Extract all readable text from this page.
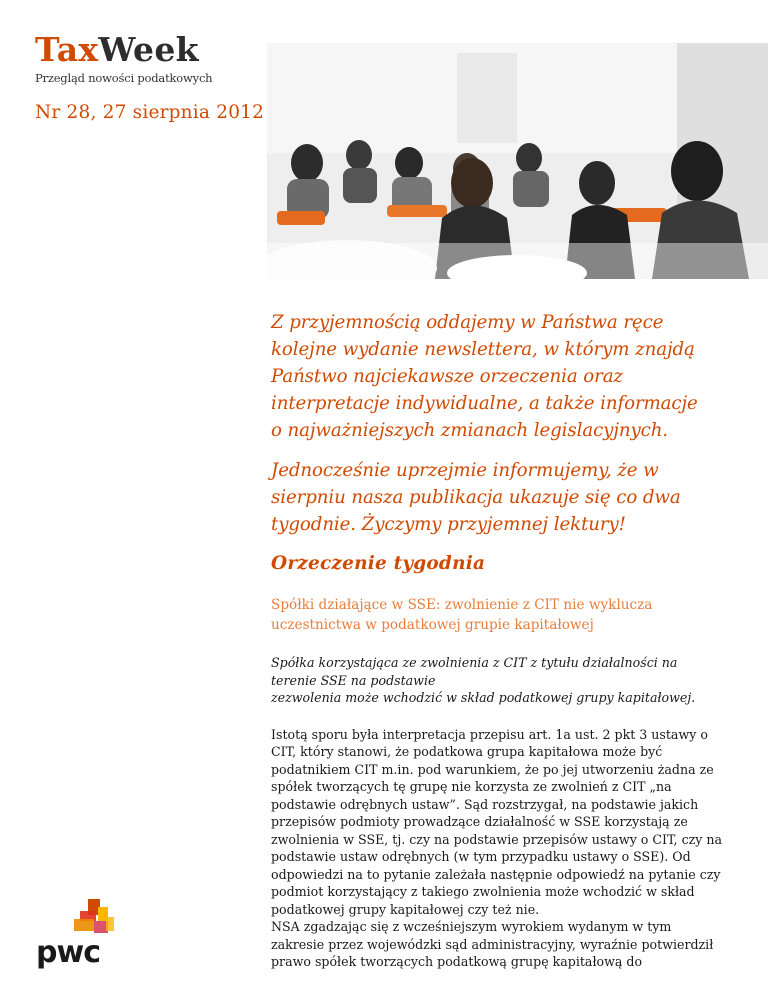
TaxWeek
Przegląd nowości podatkowych
Nr 28, 27 sierpnia 2012

Z przyjemnością oddajemy w Państwa ręce
kolejne wydanie newslettera, w którym znajdą
Państwo najciekawsze orzeczenia oraz
interpretacje indywidualne, a także informacje
o najważniejszych zmianach legislacyjnych.

Jednocześnie uprzejmie informujemy, że w
sierpniu nasza publikacja ukazuje się co dwa
tygodnie. Życzymy przyjemnej lektury!

Orzeczenie tygodnia
Spółki działające w SSE: zwolnienie z CIT nie wyklucza
uczestnictwa w podatkowej grupie kapitałowej
Spółka korzystająca ze zwolnienia z CIT z tytułu działalności na
terenie SSE na podstawie
zezwolenia może wchodzić w skład podatkowej grupy kapitałowej.
Istotą sporu była interpretacja przepisu art. 1a ust. 2 pkt 3 ustawy o
CIT, który stanowi, że podatkowa grupa kapitałowa może być
podatnikiem CIT m.in. pod warunkiem, że po jej utworzeniu żadna ze
spółek tworzących tę grupę nie korzysta ze zwolnień z CIT „na
podstawie odrębnych ustaw”. Sąd rozstrzygał, na podstawie jakich
przepisów podmioty prowadzące działalność w SSE korzystają ze
zwolnienia w SSE, tj. czy na podstawie przepisów ustawy o CIT, czy na
podstawie ustaw odrębnych (w tym przypadku ustawy o SSE). Od
odpowiedzi na to pytanie zależała następnie odpowiedź na pytanie czy
podmiot korzystający z takiego zwolnienia może wchodzić w skład
podatkowej grupy kapitałowej czy też nie.
NSA zgadzając się z wcześniejszym wyrokiem wydanym w tym
zakresie przez wojewódzki sąd administracyjny, wyraźnie potwierdził
prawo spółek tworzących podatkową grupę kapitałową do
pwc
